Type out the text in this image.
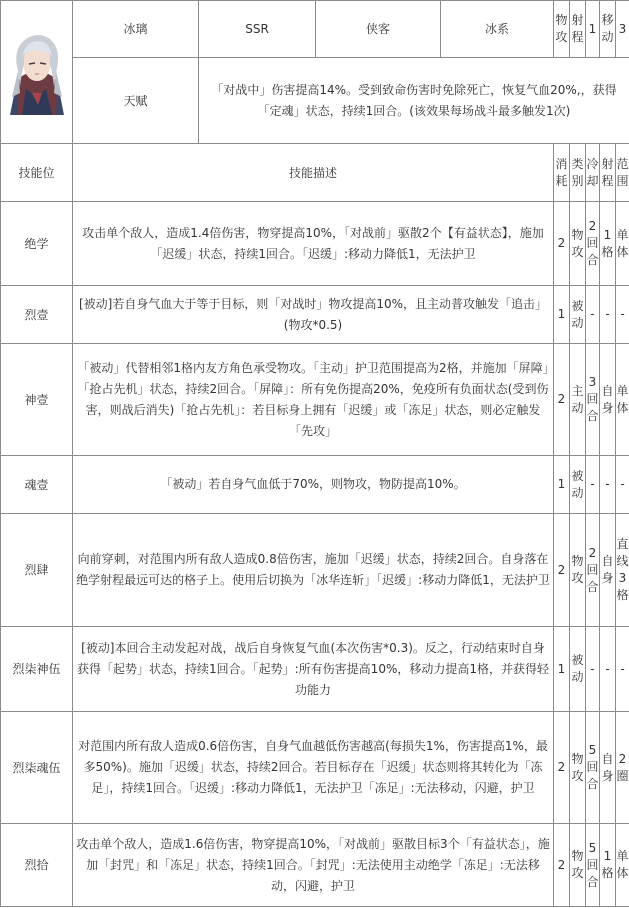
	冰璃	SSR	侠客	冰系	物攻	射程	1	移动	3
	天赋	「对战中」伤害提高14%。受到致命伤害时免除死亡，恢复气血20%,，获得「定魂」状态，持续1回合。(该效果每场战斗最多触发1次)							
技能位	技能描述				消耗	类别	冷却	射程	范围
绝学	攻击单个敌人，造成1.4倍伤害，物穿提高10%，「对战前」驱散2个【有益状态】，施加「迟缓」状态，持续1回合。「迟缓」:移动力降低1，无法护卫				2	物攻	2回合	1格	单体
烈壹	[被动]若自身气血大于等于目标，则「对战时」物攻提高10%，且主动普攻触发「追击」(物攻*0.5)				1	被动	-	-	-
神壹	「被动」代替相邻1格内友方角色承受物攻。「主动」护卫范围提高为2格，并施加「屏障」「抢占先机」状态，持续2回合。「屏障」：所有免伤提高20%，免疫所有负面状态(受到伤害，则战后消失)「抢占先机」：若目标身上拥有「迟缓」或「冻足」状态，则必定触发「先攻」				2	主动	3回合	自身	单体
魂壹	「被动」若自身气血低于70%，则物攻，物防提高10%。				1	被动	-	-	-
烈肆	向前穿刺，对范围内所有敌人造成0.8倍伤害，施加「迟缓」状态，持续2回合。自身落在绝学射程最远可达的格子上。使用后切换为「冰华连斩」「迟缓」:移动力降低1，无法护卫				2	物攻	2回合	自身	直线3格
烈柒神伍	[被动]本回合主动发起对战，战后自身恢复气血(本次伤害*0.3)。反之，行动结束时自身获得「起势」状态，持续1回合。「起势」:所有伤害提高10%，移动力提高1格，并获得轻功能力				1	被动	-	-	-
烈柒魂伍	对范围内所有敌人造成0.6倍伤害，自身气血越低伤害越高(每损失1%，伤害提高1%，最多50%)。施加「迟缓」状态，持续2回合。若目标存在「迟缓」状态则将其转化为「冻足」，持续1回合。「迟缓」:移动力降低1，无法护卫「冻足」:无法移动，闪避，护卫				2	物攻	5回合	自身	2圈
烈拾	攻击单个敌人，造成1.6倍伤害，物穿提高10%，「对战前」驱散目标3个「有益状态」，施加「封咒」和「冻足」状态，持续1回合。「封咒」:无法使用主动绝学「冻足」:无法移动，闪避，护卫				2	物攻	5回合	1格	单体
